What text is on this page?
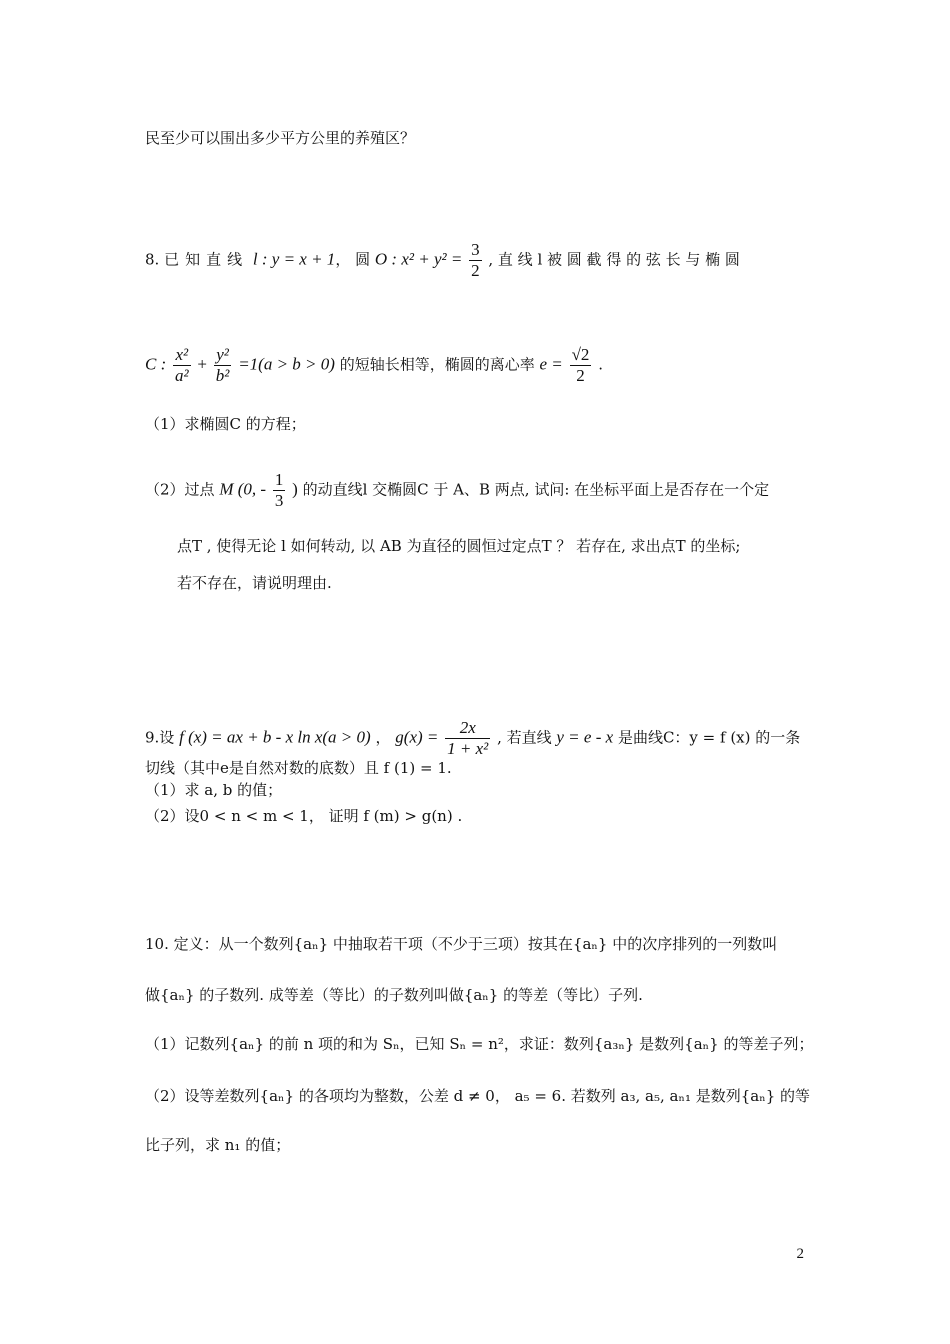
民至少可以围出多少平方公里的养殖区？
8. 已知直线 l : y = x + 1， 圆 O : $x^2 + y^2 = \frac{3}{2}$ , 直 线 l 被 圆 截 得 的 弦 长 与 椭 圆
C : $\frac{\text{x²}}{\text{a²}} + \frac{\text{y²}}{\text{b²}} =1(a > b > 0)$ 的短轴长相等，椭圆的离心率 $e = \frac{√2}{2}$ .
（1）求椭圆C 的方程；
（2）过点 M (0, - $\frac{1}{3}$ ) 的动直线l 交椭圆C 于 A、B 两点, 试问: 在坐标平面上是否存在一个定
点T , 使得无论 l 如何转动, 以 AB 为直径的圆恒过定点T ？ 若存在, 求出点T 的坐标;
若不存在，请说明理由.
9.设 f (x) = ax + b - x ln x(a > 0) ， $g(x) = \frac{2x}{\text{1 + x²}}$ , 若直线 y = e - x 是曲线C：y = f (x) 的一条
切线（其中e是自然对数的底数）且 f (1) = 1.
（1）求 a, b 的值；
（2）设0 < n < m < 1， 证明 f (m) > g(n) .
10. 定义：从一个数列{aₙ} 中抽取若干项（不少于三项）按其在{aₙ} 中的次序排列的一列数叫
做{aₙ} 的子数列. 成等差（等比）的子数列叫做{aₙ} 的等差（等比）子列.
（1）记数列{aₙ} 的前 n 项的和为 Sₙ，已知 Sₙ = n²，求证：数列{a₃ₙ} 是数列{aₙ} 的等差子列；
（2）设等差数列{aₙ} 的各项均为整数，公差 d ≠ 0， a₅ = 6. 若数列 a₃, a₅, aₙ₁ 是数列{aₙ} 的等
比子列，求 n₁ 的值；
2
